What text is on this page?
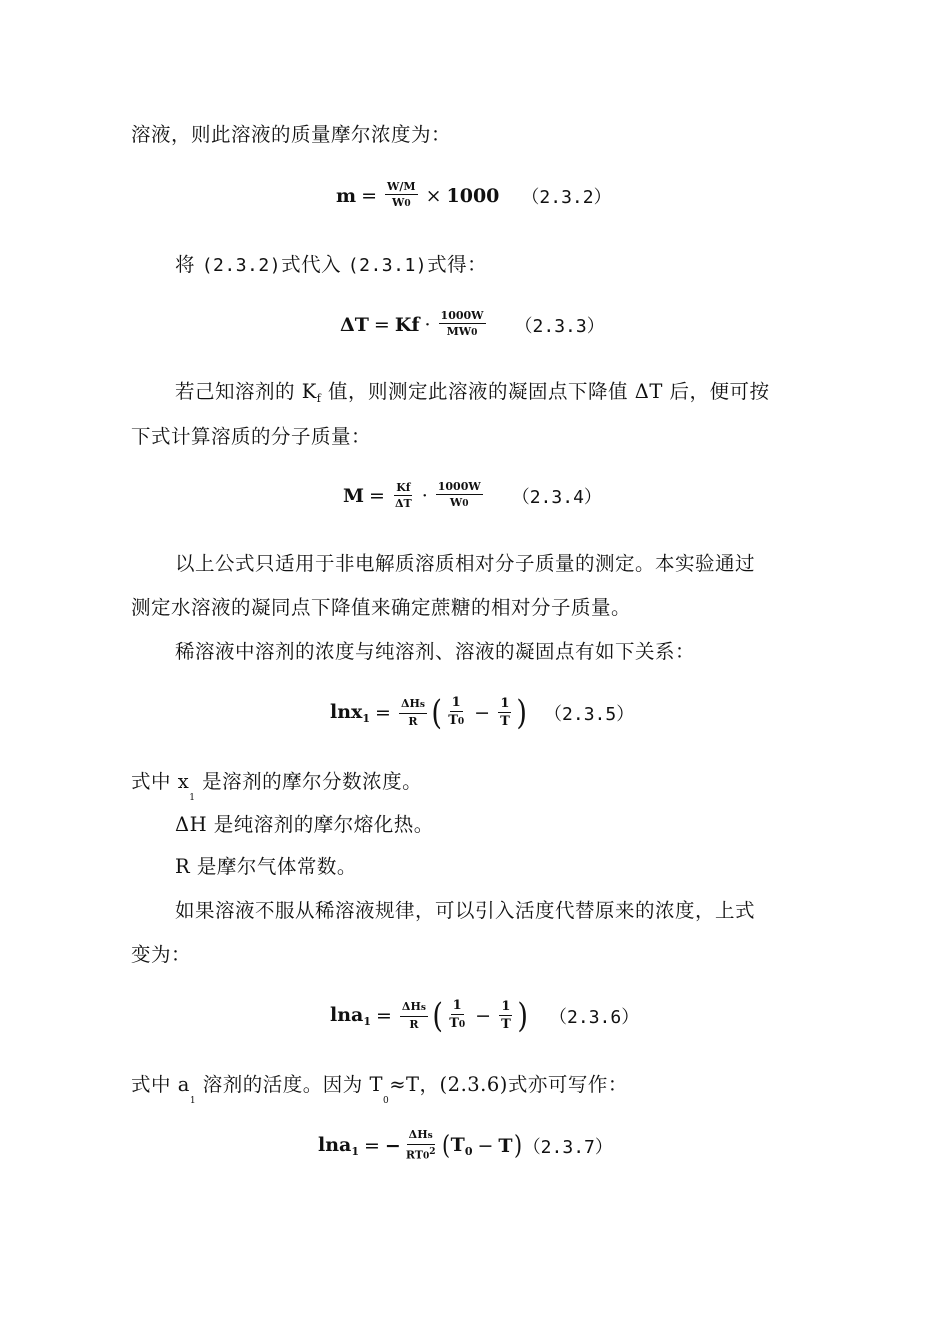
溶液，则此溶液的质量摩尔浓度为：
$m = \frac{W/M}{W0} \times 1000$ （2.3.2）
将 (2.3.2)式代入 (2.3.1)式得：
$\Delta T = Kf \cdot \frac{1000W}{MW0} (2.3.3)$
若己知溶剂的 $K_f$ 值，则测定此溶液的凝固点下降值 ΔT 后，便可按
下式计算溶质的分子质量：
$M = \frac{Kf}{\Delta T} \cdot \frac{1000W}{W0} (2.3.4)$
以上公式只适用于非电解质溶质相对分子质量的测定。本实验通过
测定水溶液的凝同点下降值来确定蔗糖的相对分子质量。
稀溶液中溶剂的浓度与纯溶剂、溶液的凝固点有如下关系：
$\ln x_1 = \frac{\text{ΔHs}}{R}$ ( $\frac{1}{T0} - \frac{1}{T}$ ) （2.3.5）
式中 $x_1$ 是溶剂的摩尔分数浓度。
ΔH 是纯溶剂的摩尔熔化热。
R 是摩尔气体常数。
如果溶液不服从稀溶液规律，可以引入活度代替原来的浓度，上式
变为：
$\ln a_1 = \frac{\text{ΔHs}}{R}$ ( $\frac{1}{T0} - \frac{1}{T}$ ) （2.3.6）
式中 $a_1$ 溶剂的活度。因为 $T_0\approx T$，(2.3.6)式亦可写作：
lna$_1$ = − $\frac{\text{ΔHs}}{RT0^2}$ ( $T_0 - T$ ) （2.3.7）
